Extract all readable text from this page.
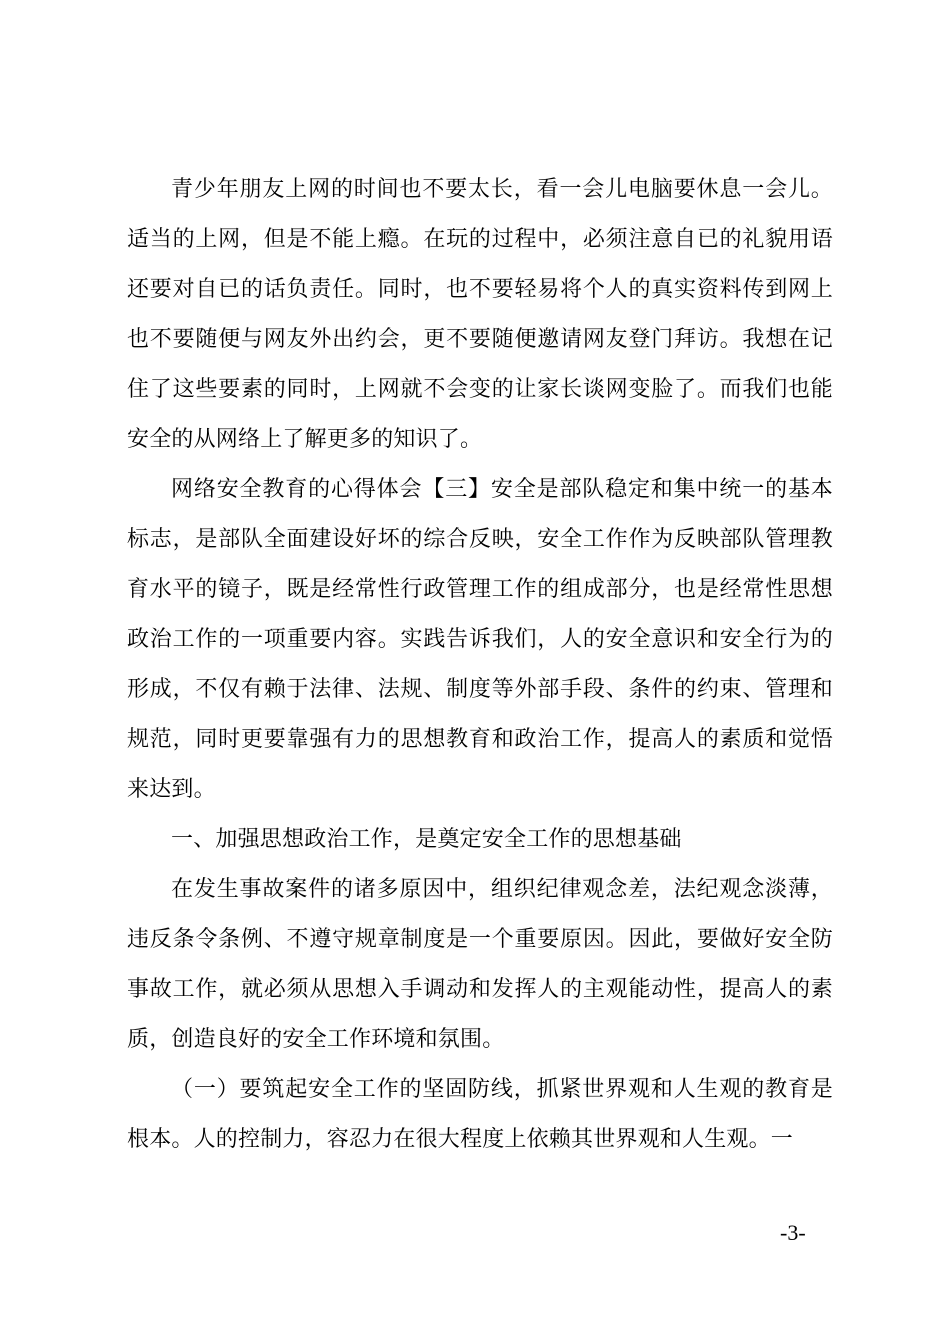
青少年朋友上网的时间也不要太长，看一会儿电脑要休息一会儿。适当的上网，但是不能上瘾。在玩的过程中，必须注意自已的礼貌用语还要对自已的话负责任。同时，也不要轻易将个人的真实资料传到网上也不要随便与网友外出约会，更不要随便邀请网友登门拜访。我想在记住了这些要素的同时，上网就不会变的让家长谈网变脸了。而我们也能安全的从网络上了解更多的知识了。

网络安全教育的心得体会【三】安全是部队稳定和集中统一的基本标志，是部队全面建设好坏的综合反映，安全工作作为反映部队管理教育水平的镜子，既是经常性行政管理工作的组成部分，也是经常性思想政治工作的一项重要内容。实践告诉我们，人的安全意识和安全行为的形成，不仅有赖于法律、法规、制度等外部手段、条件的约束、管理和规范，同时更要靠强有力的思想教育和政治工作，提高人的素质和觉悟来达到。

一、加强思想政治工作，是奠定安全工作的思想基础

在发生事故案件的诸多原因中，组织纪律观念差，法纪观念淡薄，违反条令条例、不遵守规章制度是一个重要原因。因此，要做好安全防事故工作，就必须从思想入手调动和发挥人的主观能动性，提高人的素质，创造良好的安全工作环境和氛围。

（一）要筑起安全工作的坚固防线，抓紧世界观和人生观的教育是根本。人的控制力，容忍力在很大程度上依赖其世界观和人生观。一

-3-
